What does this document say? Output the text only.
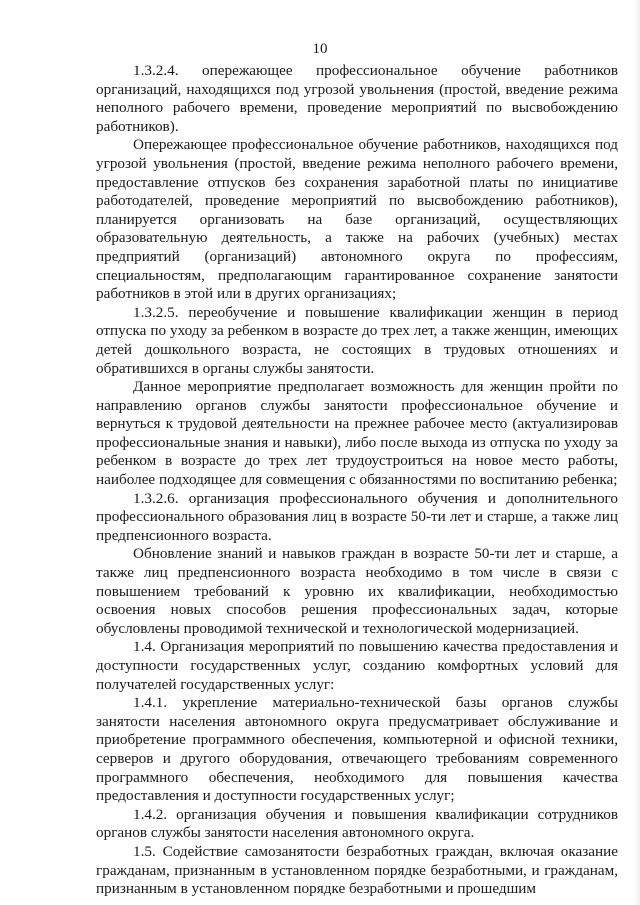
10

1.3.2.4. опережающее профессиональное обучение работников организаций, находящихся под угрозой увольнения (простой, введение режима неполного рабочего времени, проведение мероприятий по высвобождению работников).

Опережающее профессиональное обучение работников, находящихся под угрозой увольнения (простой, введение режима неполного рабочего времени, предоставление отпусков без сохранения заработной платы по инициативе работодателей, проведение мероприятий по высвобождению работников), планируется организовать на базе организаций, осуществляющих образовательную деятельность, а также на рабочих (учебных) местах предприятий (организаций) автономного округа по профессиям, специальностям, предполагающим гарантированное сохранение занятости работников в этой или в других организациях;

1.3.2.5. переобучение и повышение квалификации женщин в период отпуска по уходу за ребенком в возрасте до трех лет, а также женщин, имеющих детей дошкольного возраста, не состоящих в трудовых отношениях и обратившихся в органы службы занятости.

Данное мероприятие предполагает возможность для женщин пройти по направлению органов службы занятости профессиональное обучение и вернуться к трудовой деятельности на прежнее рабочее место (актуализировав профессиональные знания и навыки), либо после выхода из отпуска по уходу за ребенком в возрасте до трех лет трудоустроиться на новое место работы, наиболее подходящее для совмещения с обязанностями по воспитанию ребенка;

1.3.2.6. организация профессионального обучения и дополнительного профессионального образования лиц в возрасте 50-ти лет и старше, а также лиц предпенсионного возраста.

Обновление знаний и навыков граждан в возрасте 50-ти лет и старше, а также лиц предпенсионного возраста необходимо в том числе в связи с повышением требований к уровню их квалификации, необходимостью освоения новых способов решения профессиональных задач, которые обусловлены проводимой технической и технологической модернизацией.

1.4. Организация мероприятий по повышению качества предоставления и доступности государственных услуг, созданию комфортных условий для получателей государственных услуг:

1.4.1. укрепление материально-технической базы органов службы занятости населения автономного округа предусматривает обслуживание и приобретение программного обеспечения, компьютерной и офисной техники, серверов и другого оборудования, отвечающего требованиям современного программного обеспечения, необходимого для повышения качества предоставления и доступности государственных услуг;

1.4.2. организация обучения и повышения квалификации сотрудников органов службы занятости населения автономного округа.

1.5. Содействие самозанятости безработных граждан, включая оказание гражданам, признанным в установленном порядке безработными, и гражданам, признанным в установленном порядке безработными и прошедшим
